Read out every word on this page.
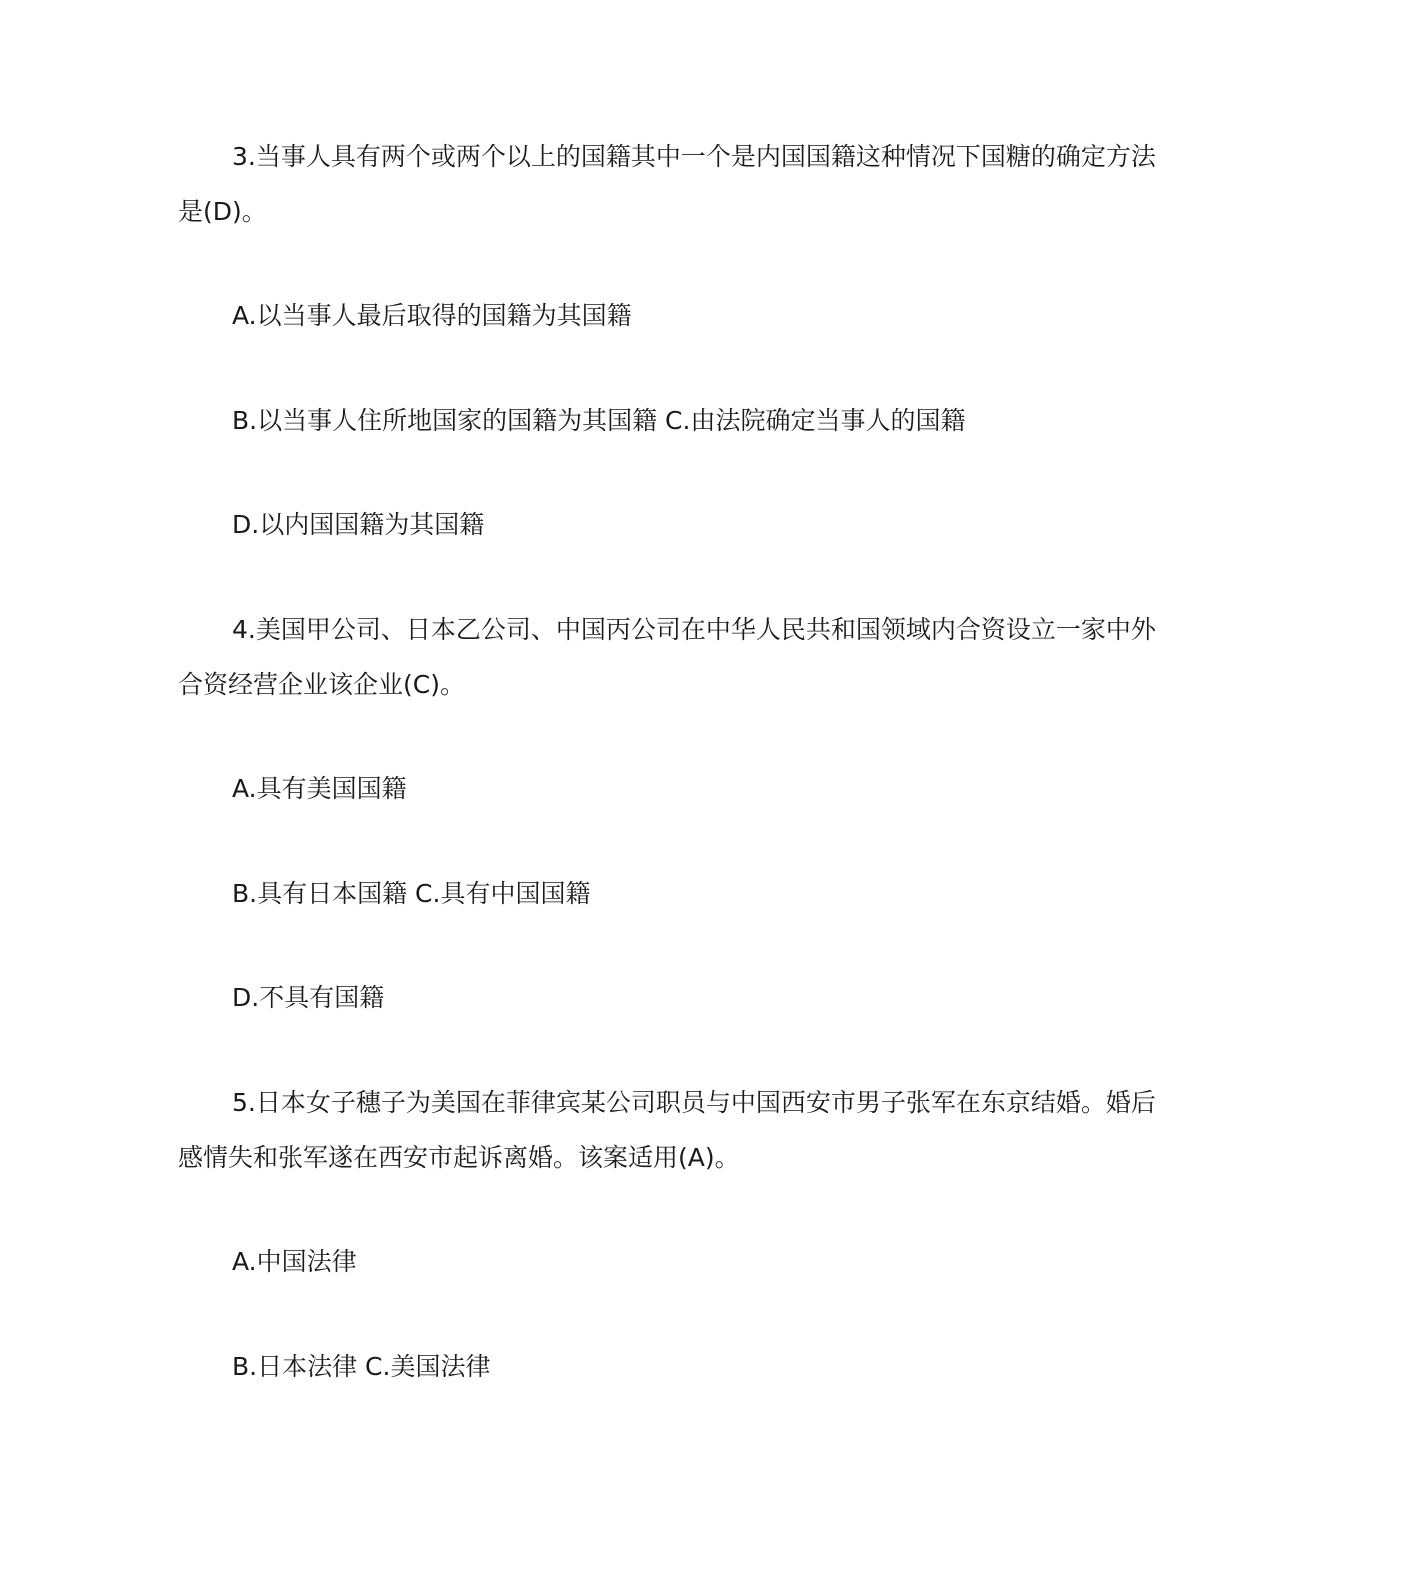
3.当事人具有两个或两个以上的国籍其中一个是内国国籍这种情况下国糖的确定方法
是(D)。
A.以当事人最后取得的国籍为其国籍
B.以当事人住所地国家的国籍为其国籍 C.由法院确定当事人的国籍
D.以内国国籍为其国籍
4.美国甲公司、日本乙公司、中国丙公司在中华人民共和国领域内合资设立一家中外
合资经营企业该企业(C)。
A.具有美国国籍
B.具有日本国籍 C.具有中国国籍
D.不具有国籍
5.日本女子穗子为美国在菲律宾某公司职员与中国西安市男子张军在东京结婚。婚后
感情失和张军遂在西安市起诉离婚。该案适用(A)。
A.中国法律
B.日本法律 C.美国法律
